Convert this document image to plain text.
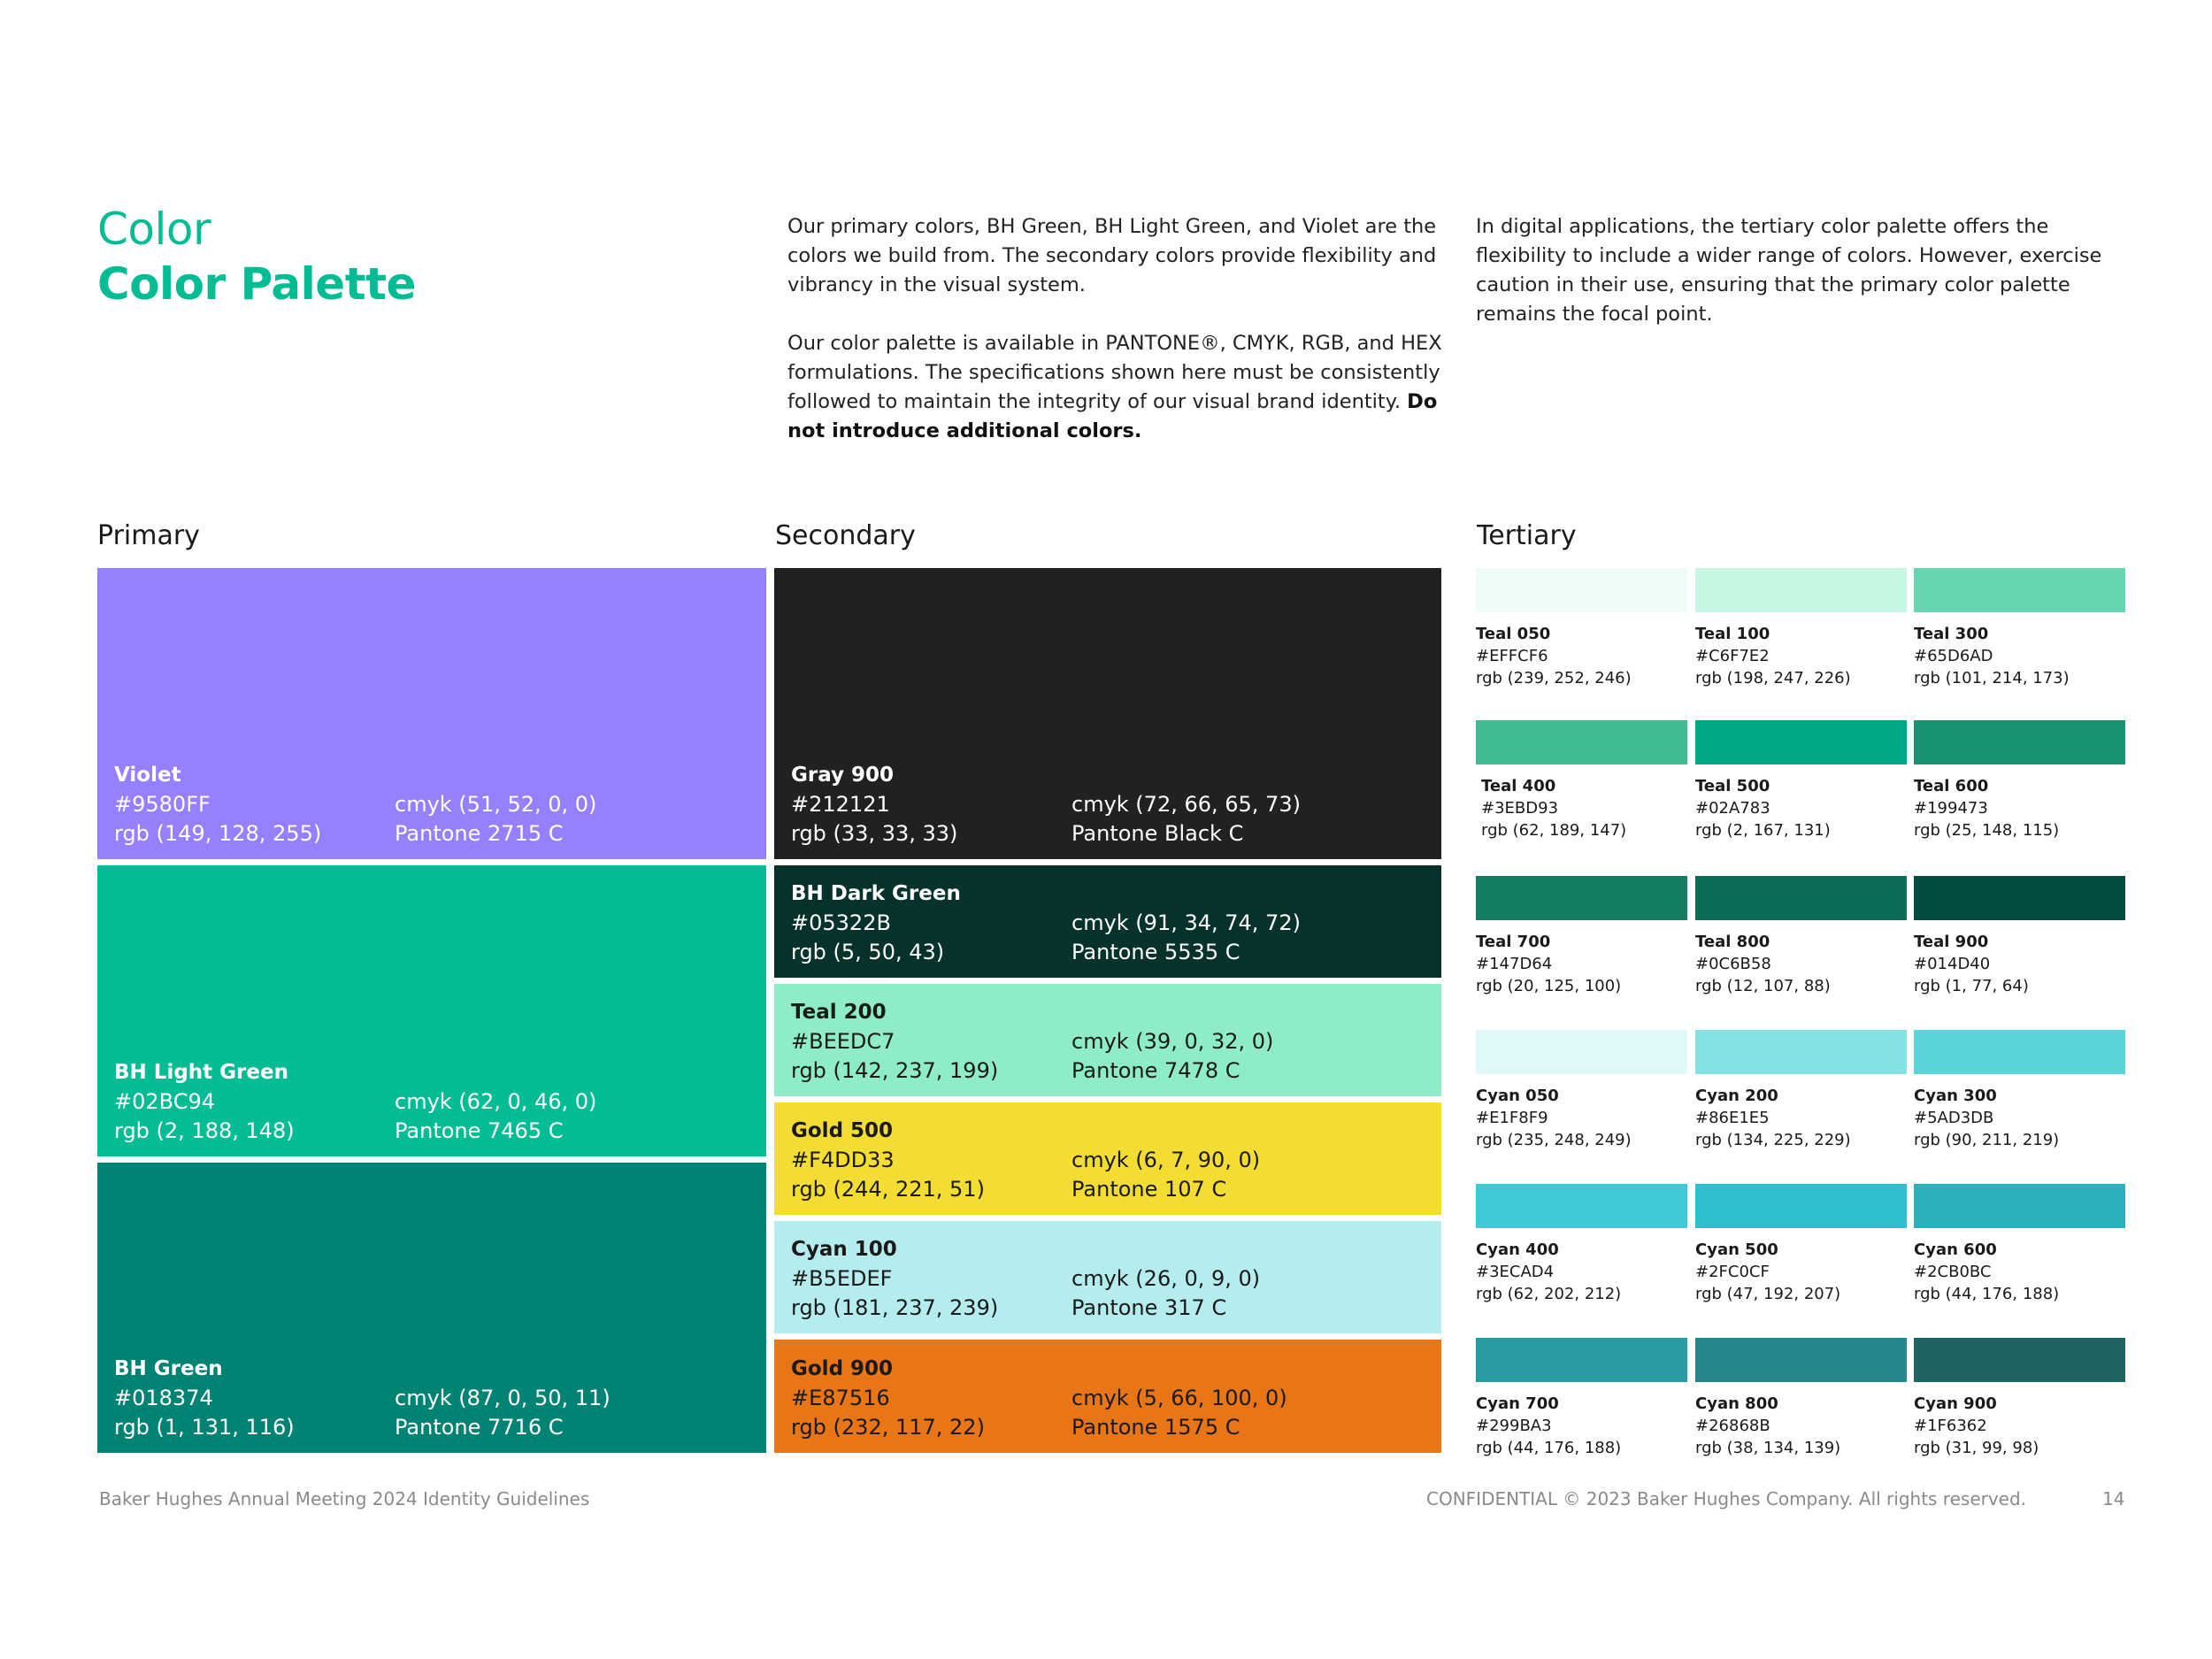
Color
Color Palette

Our primary colors, BH Green, BH Light Green, and Violet are the colors we build from. The secondary colors provide flexibility and vibrancy in the visual system.

Our color palette is available in PANTONE®, CMYK, RGB, and HEX formulations. The specifications shown here must be consistently followed to maintain the integrity of our visual brand identity. Do not introduce additional colors.

In digital applications, the tertiary color palette offers the flexibility to include a wider range of colors. However, exercise caution in their use, ensuring that the primary color palette remains the focal point.

Primary	Secondary	Tertiary
Violet
#9580FF	cmyk (51, 52, 0, 0)
rgb (149, 128, 255)	Pantone 2715 C
BH Light Green
#02BC94	cmyk (62, 0, 46, 0)
rgb (2, 188, 148)	Pantone 7465 C
BH Green
#018374	cmyk (87, 0, 50, 11)
rgb (1, 131, 116)	Pantone 7716 C
Gray 900
#212121	cmyk (72, 66, 65, 73)
rgb (33, 33, 33)	Pantone Black C
BH Dark Green
#05322B	cmyk (91, 34, 74, 72)
rgb (5, 50, 43)	Pantone 5535 C
Teal 200
#BEEDC7	cmyk (39, 0, 32, 0)
rgb (142, 237, 199)	Pantone 7478 C
Gold 500
#F4DD33	cmyk (6, 7, 90, 0)
rgb (244, 221, 51)	Pantone 107 C
Cyan 100
#B5EDEF	cmyk (26, 0, 9, 0)
rgb (181, 237, 239)	Pantone 317 C
Gold 900
#E87516	cmyk (5, 66, 100, 0)
rgb (232, 117, 22)	Pantone 1575 C
Teal 050
#EFFCF6
rgb (239, 252, 246)
Teal 100
#C6F7E2
rgb (198, 247, 226)
Teal 300
#65D6AD
rgb (101, 214, 173)
Teal 400
#3EBD93
rgb (62, 189, 147)
Teal 500
#02A783
rgb (2, 167, 131)
Teal 600
#199473
rgb (25, 148, 115)
Teal 700
#147D64
rgb (20, 125, 100)
Teal 800
#0C6B58
rgb (12, 107, 88)
Teal 900
#014D40
rgb (1, 77, 64)
Cyan 050
#E1F8F9
rgb (235, 248, 249)
Cyan 200
#86E1E5
rgb (134, 225, 229)
Cyan 300
#5AD3DB
rgb (90, 211, 219)
Cyan 400
#3ECAD4
rgb (62, 202, 212)
Cyan 500
#2FC0CF
rgb (47, 192, 207)
Cyan 600
#2CB0BC
rgb (44, 176, 188)
Cyan 700
#299BA3
rgb (44, 176, 188)
Cyan 800
#26868B
rgb (38, 134, 139)
Cyan 900
#1F6362
rgb (31, 99, 98)
Baker Hughes Annual Meeting 2024 Identity Guidelines	CONFIDENTIAL © 2023 Baker Hughes Company. All rights reserved.	14
